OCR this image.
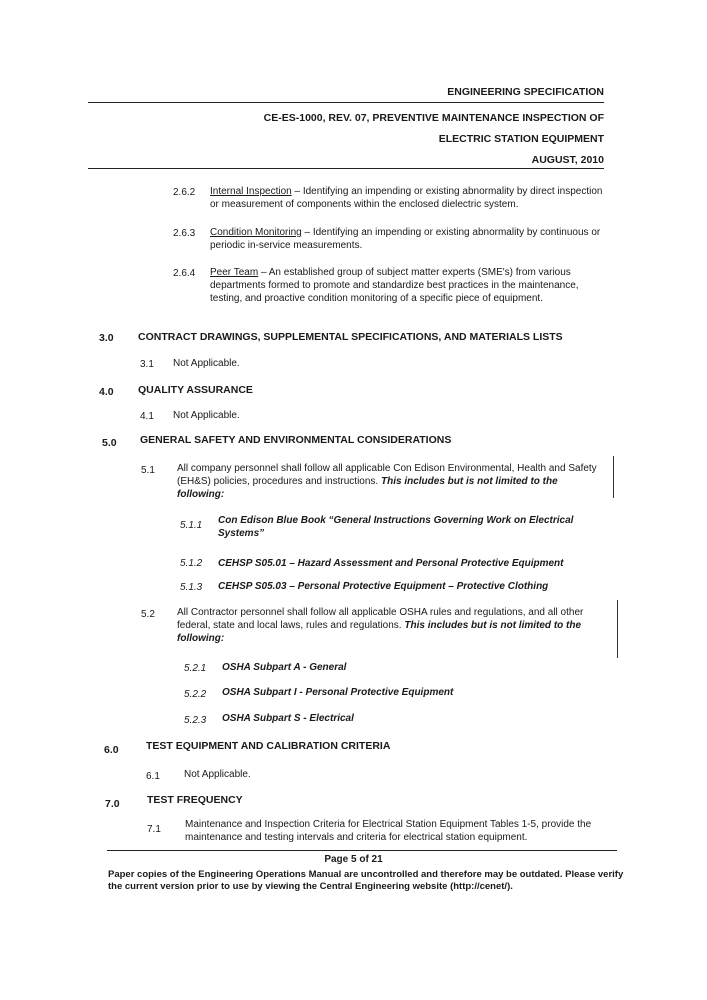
ENGINEERING SPECIFICATION
CE-ES-1000, REV. 07, PREVENTIVE MAINTENANCE INSPECTION OF
ELECTRIC STATION EQUIPMENT
AUGUST, 2010
2.6.2 Internal Inspection – Identifying an impending or existing abnormality by direct inspection or measurement of components within the enclosed dielectric system.
2.6.3 Condition Monitoring – Identifying an impending or existing abnormality by continuous or periodic in-service measurements.
2.6.4 Peer Team – An established group of subject matter experts (SME's) from various departments formed to promote and standardize best practices in the maintenance, testing, and proactive condition monitoring of a specific piece of equipment.
3.0 CONTRACT DRAWINGS, SUPPLEMENTAL SPECIFICATIONS, AND MATERIALS LISTS
3.1 Not Applicable.
4.0 QUALITY ASSURANCE
4.1 Not Applicable.
5.0 GENERAL SAFETY AND ENVIRONMENTAL CONSIDERATIONS
5.1 All company personnel shall follow all applicable Con Edison Environmental, Health and Safety (EH&S) policies, procedures and instructions. This includes but is not limited to the following:
5.1.1 Con Edison Blue Book “General Instructions Governing Work on Electrical Systems”
5.1.2 CEHSP S05.01 – Hazard Assessment and Personal Protective Equipment
5.1.3 CEHSP S05.03 – Personal Protective Equipment – Protective Clothing
5.2 All Contractor personnel shall follow all applicable OSHA rules and regulations, and all other federal, state and local laws, rules and regulations. This includes but is not limited to the following:
5.2.1 OSHA Subpart A - General
5.2.2 OSHA Subpart I - Personal Protective Equipment
5.2.3 OSHA Subpart S - Electrical
6.0	TEST EQUIPMENT AND CALIBRATION CRITERIA
6.1 Not Applicable.
7.0	TEST FREQUENCY
7.1 Maintenance and Inspection Criteria for Electrical Station Equipment Tables 1-5, provide the maintenance and testing intervals and criteria for electrical station equipment.
Page 5 of 21
Paper copies of the Engineering Operations Manual are uncontrolled and therefore may be outdated. Please verify the current version prior to use by viewing the Central Engineering website (http://cenet/).
